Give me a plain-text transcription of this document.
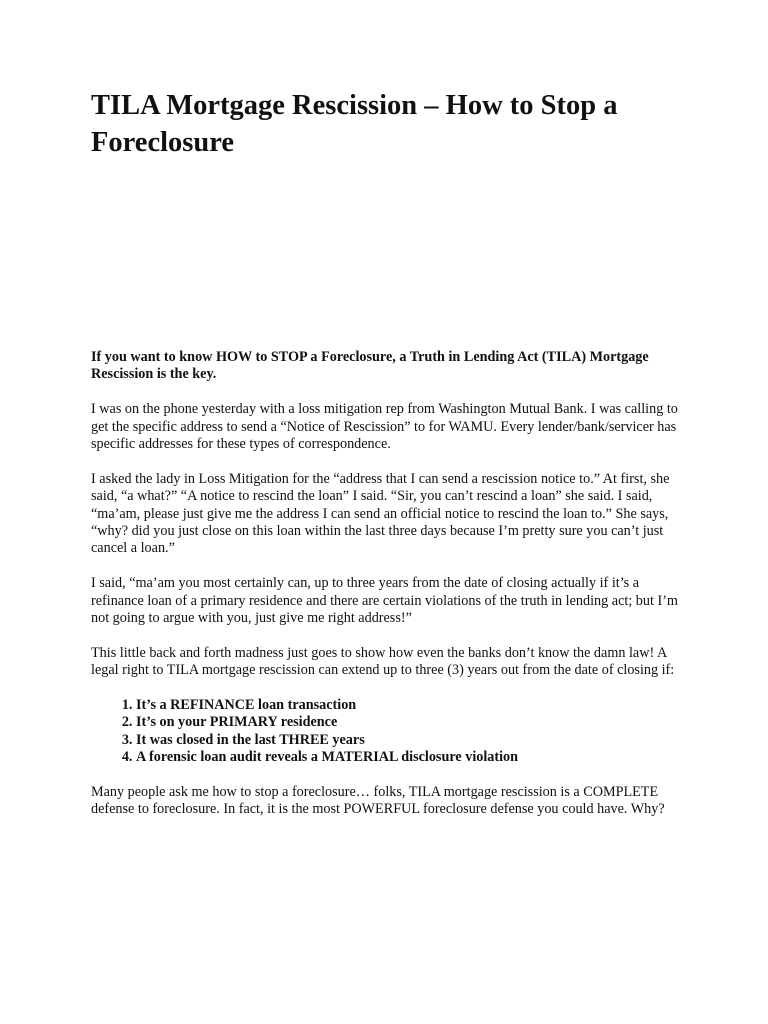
TILA Mortgage Rescission – How to Stop a Foreclosure

If you want to know HOW to STOP a Foreclosure, a Truth in Lending Act (TILA) Mortgage Rescission is the key.

I was on the phone yesterday with a loss mitigation rep from Washington Mutual Bank. I was calling to get the specific address to send a “Notice of Rescission” to for WAMU. Every lender/bank/servicer has specific addresses for these types of correspondence.

I asked the lady in Loss Mitigation for the “address that I can send a rescission notice to.” At first, she said, “a what?” “A notice to rescind the loan” I said. “Sir, you can’t rescind a loan” she said. I said, “ma’am, please just give me the address I can send an official notice to rescind the loan to.” She says, “why? did you just close on this loan within the last three days because I’m pretty sure you can’t just cancel a loan.”

I said, “ma’am you most certainly can, up to three years from the date of closing actually if it’s a refinance loan of a primary residence and there are certain violations of the truth in lending act; but I’m not going to argue with you, just give me right address!”

This little back and forth madness just goes to show how even the banks don’t know the damn law! A legal right to TILA mortgage rescission can extend up to three (3) years out from the date of closing if:

1. It’s a REFINANCE loan transaction
2. It’s on your PRIMARY residence
3. It was closed in the last THREE years
4. A forensic loan audit reveals a MATERIAL disclosure violation

Many people ask me how to stop a foreclosure… folks, TILA mortgage rescission is a COMPLETE defense to foreclosure. In fact, it is the most POWERFUL foreclosure defense you could have. Why?
